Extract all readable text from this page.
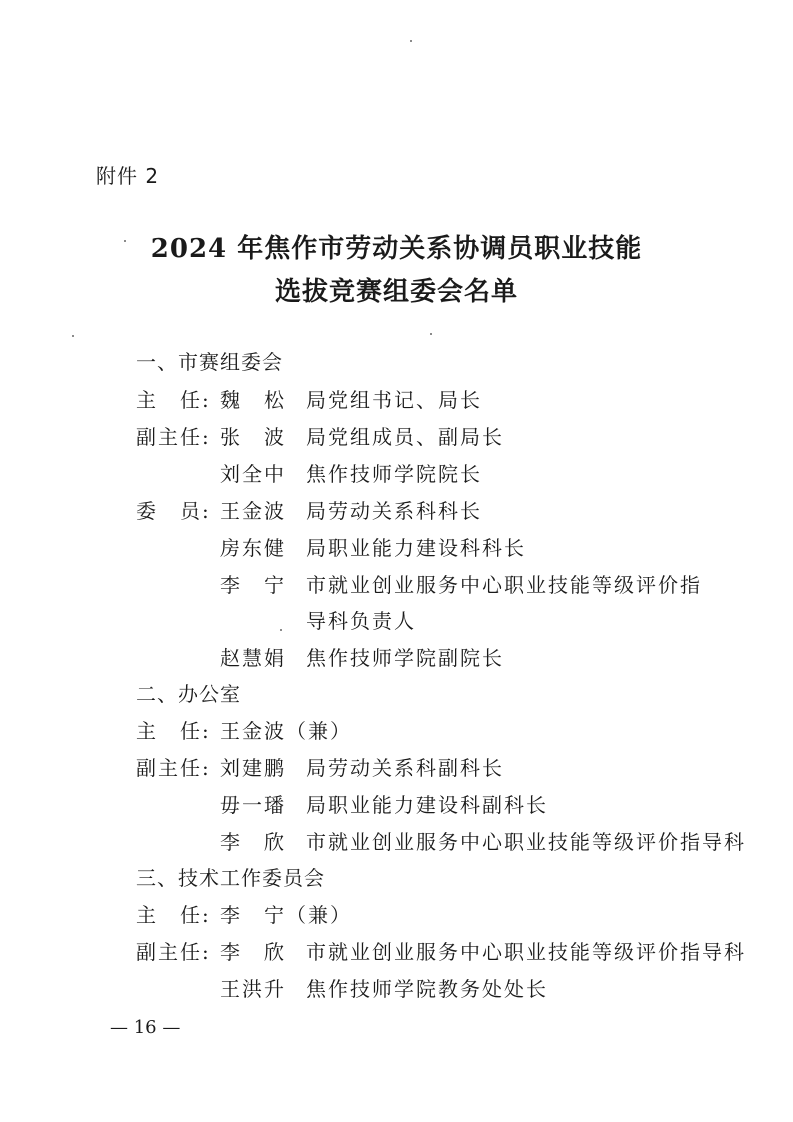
附件 2
2024 年焦作市劳动关系协调员职业技能
选拔竞赛组委会名单
一、市赛组委会
主　任: 魏　松 局党组书记、局长
副主任: 张　波 局党组成员、副局长
刘全中 焦作技师学院院长
委　员: 王金波 局劳动关系科科长
房东健 局职业能力建设科科长
李　宁 市就业创业服务中心职业技能等级评价指
导科负责人
赵慧娟 焦作技师学院副院长
二、办公室
主　任: 王金波（兼）
副主任: 刘建鹏 局劳动关系科副科长
毋一璠 局职业能力建设科副科长
李　欣 市就业创业服务中心职业技能等级评价指导科
三、技术工作委员会
主　任: 李　宁（兼）
副主任: 李　欣 市就业创业服务中心职业技能等级评价指导科
王洪升 焦作技师学院教务处处长
— 16 —
